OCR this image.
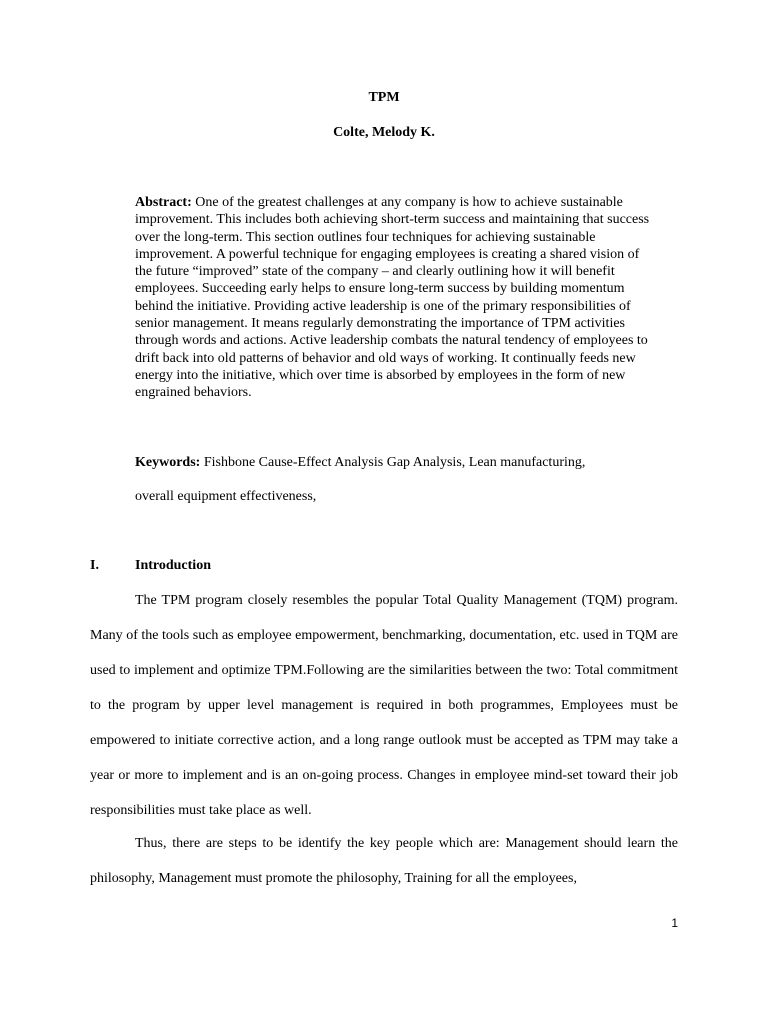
TPM
Colte, Melody K.

Abstract: One of the greatest challenges at any company is how to achieve sustainable improvement. This includes both achieving short-term success and maintaining that success over the long-term. This section outlines four techniques for achieving sustainable improvement. A powerful technique for engaging employees is creating a shared vision of the future “improved” state of the company – and clearly outlining how it will benefit employees. Succeeding early helps to ensure long-term success by building momentum behind the initiative. Providing active leadership is one of the primary responsibilities of senior management. It means regularly demonstrating the importance of TPM activities through words and actions. Active leadership combats the natural tendency of employees to drift back into old patterns of behavior and old ways of working. It continually feeds new energy into the initiative, which over time is absorbed by employees in the form of new engrained behaviors.

Keywords: Fishbone Cause-Effect Analysis Gap Analysis, Lean manufacturing,

overall equipment effectiveness,

I.	Introduction

The TPM program closely resembles the popular Total Quality Management (TQM) program. Many of the tools such as employee empowerment, benchmarking, documentation, etc. used in TQM are used to implement and optimize TPM.Following are the similarities between the two: Total commitment to the program by upper level management is required in both programmes, Employees must be empowered to initiate corrective action, and a long range outlook must be accepted as TPM may take a year or more to implement and is an on-going process. Changes in employee mind-set toward their job responsibilities must take place as well.

Thus, there are steps to be identify the key people which are: Management should learn the philosophy, Management must promote the philosophy, Training for all the employees,

1
